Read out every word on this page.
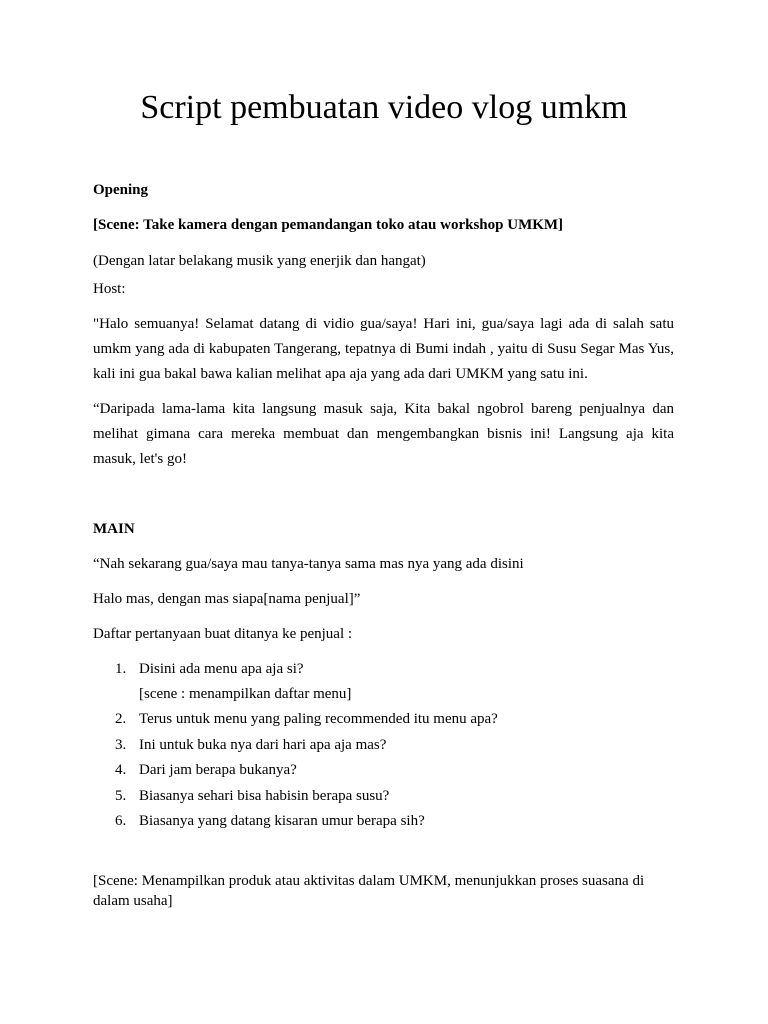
Script pembuatan video vlog umkm
Opening
[Scene: Take kamera dengan pemandangan toko atau workshop UMKM]
(Dengan latar belakang musik yang enerjik dan hangat)
Host:
"Halo semuanya! Selamat datang di vidio gua/saya! Hari ini, gua/saya lagi ada di salah satu umkm yang ada di kabupaten Tangerang, tepatnya di Bumi indah , yaitu di Susu Segar Mas Yus, kali ini gua bakal bawa kalian melihat apa aja yang ada dari UMKM yang satu ini.
“Daripada lama-lama kita langsung masuk saja, Kita bakal ngobrol bareng penjualnya dan melihat gimana cara mereka membuat dan mengembangkan bisnis ini! Langsung aja kita masuk, let's go!
MAIN
“Nah sekarang gua/saya mau tanya-tanya sama mas nya yang ada disini
Halo mas, dengan mas siapa[nama penjual]”
Daftar pertanyaan buat ditanya ke penjual :
1. Disini ada menu apa aja si?
[scene : menampilkan daftar menu]
2. Terus untuk menu yang paling recommended itu menu apa?
3. Ini untuk buka nya dari hari apa aja mas?
4. Dari jam berapa bukanya?
5. Biasanya sehari bisa habisin berapa susu?
6. Biasanya yang datang kisaran umur berapa sih?
[Scene: Menampilkan produk atau aktivitas dalam UMKM, menunjukkan proses suasana di dalam usaha]
